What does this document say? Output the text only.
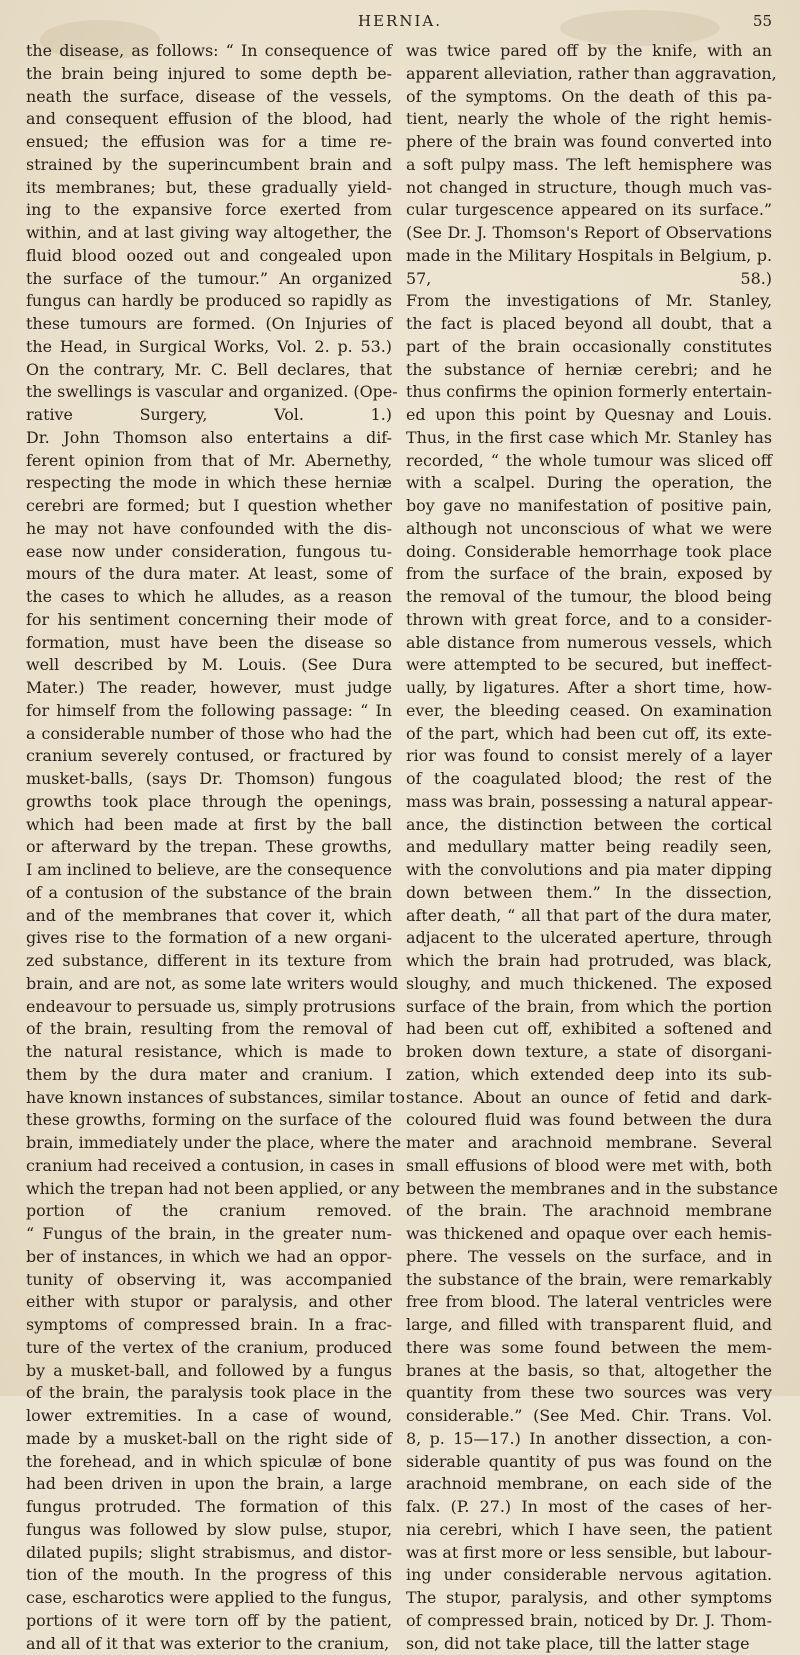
HERNIA.	55
the disease, as follows: “ In consequence of
the brain being injured to some depth be-
neath the surface, disease of the vessels,
and consequent effusion of the blood, had
ensued; the effusion was for a time re-
strained by the superincumbent brain and
its membranes; but, these gradually yield-
ing to the expansive force exerted from
within, and at last giving way altogether, the
fluid blood oozed out and congealed upon
the surface of the tumour.” An organized
fungus can hardly be produced so rapidly as
these tumours are formed. (On Injuries of
the Head, in Surgical Works, Vol. 2. p. 53.)
On the contrary, Mr. C. Bell declares, that
the swellings is vascular and organized. (Ope-
rative Surgery, Vol. 1.)
Dr. John Thomson also entertains a dif-
ferent opinion from that of Mr. Abernethy,
respecting the mode in which these herniæ
cerebri are formed; but I question whether
he may not have confounded with the dis-
ease now under consideration, fungous tu-
mours of the dura mater. At least, some of
the cases to which he alludes, as a reason
for his sentiment concerning their mode of
formation, must have been the disease so
well described by M. Louis. (See Dura
Mater.) The reader, however, must judge
for himself from the following passage: “ In
a considerable number of those who had the
cranium severely contused, or fractured by
musket-balls, (says Dr. Thomson) fungous
growths took place through the openings,
which had been made at first by the ball
or afterward by the trepan. These growths,
I am inclined to believe, are the consequence
of a contusion of the substance of the brain
and of the membranes that cover it, which
gives rise to the formation of a new organi-
zed substance, different in its texture from
brain, and are not, as some late writers would
endeavour to persuade us, simply protrusions
of the brain, resulting from the removal of
the natural resistance, which is made to
them by the dura mater and cranium. I
have known instances of substances, similar to
these growths, forming on the surface of the
brain, immediately under the place, where the
cranium had received a contusion, in cases in
which the trepan had not been applied, or any
portion of the cranium removed.
“ Fungus of the brain, in the greater num-
ber of instances, in which we had an oppor-
tunity of observing it, was accompanied
either with stupor or paralysis, and other
symptoms of compressed brain. In a frac-
ture of the vertex of the cranium, produced
by a musket-ball, and followed by a fungus
of the brain, the paralysis took place in the
lower extremities. In a case of wound,
made by a musket-ball on the right side of
the forehead, and in which spiculæ of bone
had been driven in upon the brain, a large
fungus protruded. The formation of this
fungus was followed by slow pulse, stupor,
dilated pupils; slight strabismus, and distor-
tion of the mouth. In the progress of this
case, escharotics were applied to the fungus,
portions of it were torn off by the patient,
and all of it that was exterior to the cranium,
was twice pared off by the knife, with an
apparent alleviation, rather than aggravation,
of the symptoms. On the death of this pa-
tient, nearly the whole of the right hemis-
phere of the brain was found converted into
a soft pulpy mass. The left hemisphere was
not changed in structure, though much vas-
cular turgescence appeared on its surface.”
(See Dr. J. Thomson's Report of Observations
made in the Military Hospitals in Belgium, p.
57, 58.)
From the investigations of Mr. Stanley,
the fact is placed beyond all doubt, that a
part of the brain occasionally constitutes
the substance of herniæ cerebri; and he
thus confirms the opinion formerly entertain-
ed upon this point by Quesnay and Louis.
Thus, in the first case which Mr. Stanley has
recorded, “ the whole tumour was sliced off
with a scalpel. During the operation, the
boy gave no manifestation of positive pain,
although not unconscious of what we were
doing. Considerable hemorrhage took place
from the surface of the brain, exposed by
the removal of the tumour, the blood being
thrown with great force, and to a consider-
able distance from numerous vessels, which
were attempted to be secured, but ineffect-
ually, by ligatures. After a short time, how-
ever, the bleeding ceased. On examination
of the part, which had been cut off, its exte-
rior was found to consist merely of a layer
of the coagulated blood; the rest of the
mass was brain, possessing a natural appear-
ance, the distinction between the cortical
and medullary matter being readily seen,
with the convolutions and pia mater dipping
down between them.” In the dissection,
after death, “ all that part of the dura mater,
adjacent to the ulcerated aperture, through
which the brain had protruded, was black,
sloughy, and much thickened. The exposed
surface of the brain, from which the portion
had been cut off, exhibited a softened and
broken down texture, a state of disorgani-
zation, which extended deep into its sub-
stance. About an ounce of fetid and dark-
coloured fluid was found between the dura
mater and arachnoid membrane. Several
small effusions of blood were met with, both
between the membranes and in the substance
of the brain. The arachnoid membrane
was thickened and opaque over each hemis-
phere. The vessels on the surface, and in
the substance of the brain, were remarkably
free from blood. The lateral ventricles were
large, and filled with transparent fluid, and
there was some found between the mem-
branes at the basis, so that, altogether the
quantity from these two sources was very
considerable.” (See Med. Chir. Trans. Vol.
8, p. 15—17.) In another dissection, a con-
siderable quantity of pus was found on the
arachnoid membrane, on each side of the
falx. (P. 27.) In most of the cases of her-
nia cerebri, which I have seen, the patient
was at first more or less sensible, but labour-
ing under considerable nervous agitation.
The stupor, paralysis, and other symptoms
of compressed brain, noticed by Dr. J. Thom-
son, did not take place, till the latter stage
